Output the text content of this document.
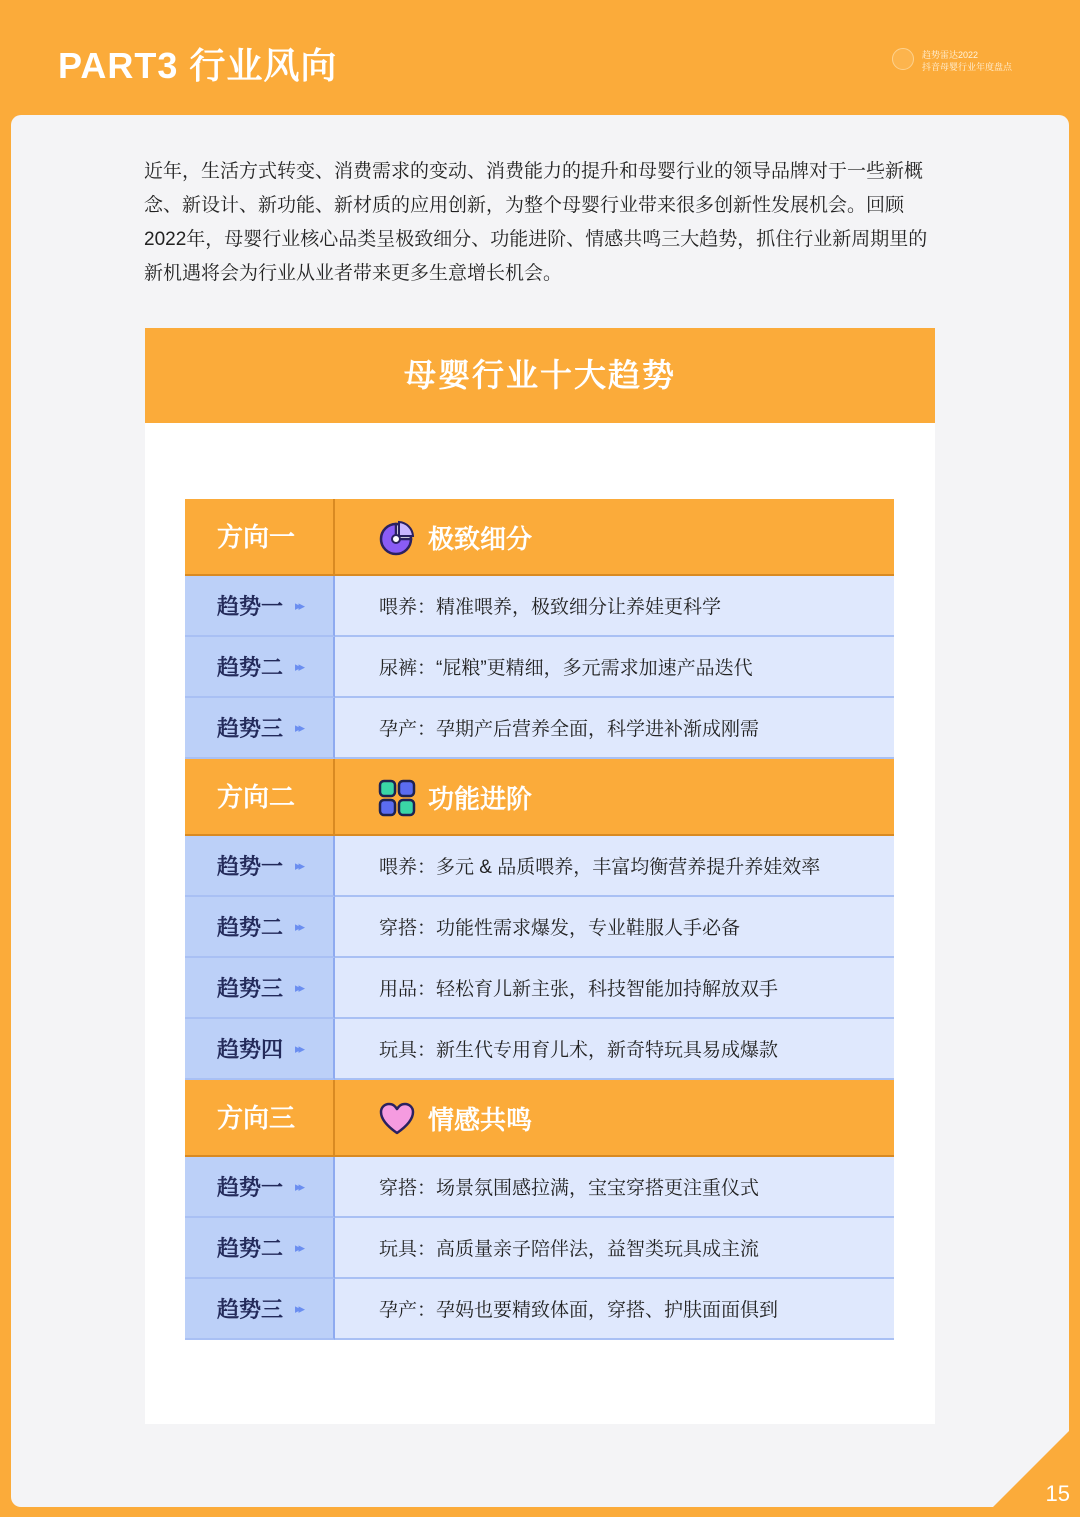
PART3 行业风向	趋势雷达2022
抖音母婴行业年度盘点
15
近年，生活方式转变、消费需求的变动、消费能力的提升和母婴行业的领导品牌对于一些新概念、新设计、新功能、新材质的应用创新，为整个母婴行业带来很多创新性发展机会。回顾2022年，母婴行业核心品类呈极致细分、功能进阶、情感共鸣三大趋势，抓住行业新周期里的新机遇将会为行业从业者带来更多生意增长机会。
母婴行业十大趋势
方向一	极致细分
趋势一 ▸▸	喂养：精准喂养，极致细分让养娃更科学
趋势二 ▸▸	尿裤：“屁粮”更精细，多元需求加速产品迭代
趋势三 ▸▸	孕产：孕期产后营养全面，科学进补渐成刚需
方向二	功能进阶
趋势一 ▸▸	喂养：多元 & 品质喂养，丰富均衡营养提升养娃效率
趋势二 ▸▸	穿搭：功能性需求爆发，专业鞋服人手必备
趋势三 ▸▸	用品：轻松育儿新主张，科技智能加持解放双手
趋势四 ▸▸	玩具：新生代专用育儿术，新奇特玩具易成爆款
方向三	情感共鸣
趋势一 ▸▸	穿搭：场景氛围感拉满，宝宝穿搭更注重仪式
趋势二 ▸▸	玩具：高质量亲子陪伴法，益智类玩具成主流
趋势三 ▸▸	孕产：孕妈也要精致体面，穿搭、护肤面面俱到
